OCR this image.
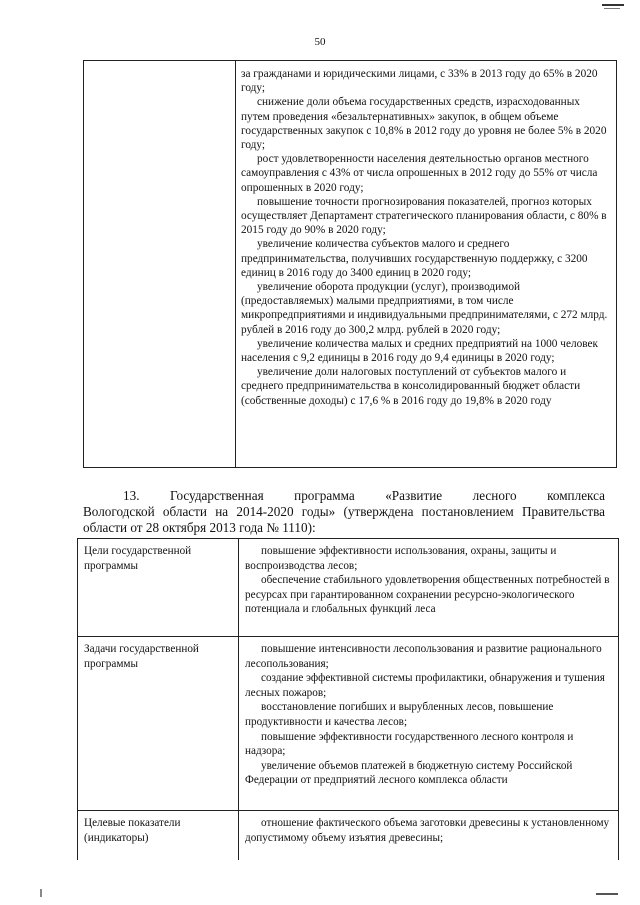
50

за гражданами и юридическими лицами, с 33% в 2013 году до 65% в 2020 году;

снижение доли объема государственных средств, израсходованных путем проведения «безальтернативных» закупок, в общем объеме государственных закупок с 10,8% в 2012 году до уровня не более 5% в 2020 году;

рост удовлетворенности населения деятельностью органов местного самоуправления с 43% от числа опрошенных в 2012 году до 55% от числа опрошенных в 2020 году;

повышение точности прогнозирования показателей, прогноз которых осуществляет Департамент стратегического планирования области, с 80% в 2015 году до 90% в 2020 году;

увеличение количества субъектов малого и среднего предпринимательства, получивших государственную поддержку, с 3200 единиц в 2016 году до 3400 единиц в 2020 году;

увеличение оборота продукции (услуг), производимой (предоставляемых) малыми предприятиями, в том числе микропредприятиями и индивидуальными предпринимателями, с 272 млрд. рублей в 2016 году до 300,2 млрд. рублей в 2020 году;

увеличение количества малых и средних предприятий на 1000 человек населения с 9,2 единицы в 2016 году до 9,4 единицы в 2020 году;

увеличение доли налоговых поступлений от субъектов малого и среднего предпринимательства в консолидированный бюджет области (собственные доходы) с 17,6 % в 2016 году до 19,8% в 2020 году

13. Государственная программа «Развитие лесного комплекса
Вологодской области на 2014-2020 годы» (утверждена постановлением Правительства области от 28 октября 2013 года № 1110):
Цели государственной программы	повышение эффективности использования, охраны, защиты и воспроизводства лесов;

обеспечение стабильного удовлетворения общественных потребностей в ресурсах при гарантированном сохранении ресурсно-экологического потенциала и глобальных функций леса

Задачи государственной программы	повышение интенсивности лесопользования и развитие рационального лесопользования;

создание эффективной системы профилактики, обнаружения и тушения лесных пожаров;

восстановление погибших и вырубленных лесов, повышение продуктивности и качества лесов;

повышение эффективности государственного лесного контроля и надзора;

увеличение объемов платежей в бюджетную систему Российской Федерации от предприятий лесного комплекса области

Целевые показатели (индикаторы)	отношение фактического объема заготовки древесины к установленному допустимому объему изъятия древесины;
